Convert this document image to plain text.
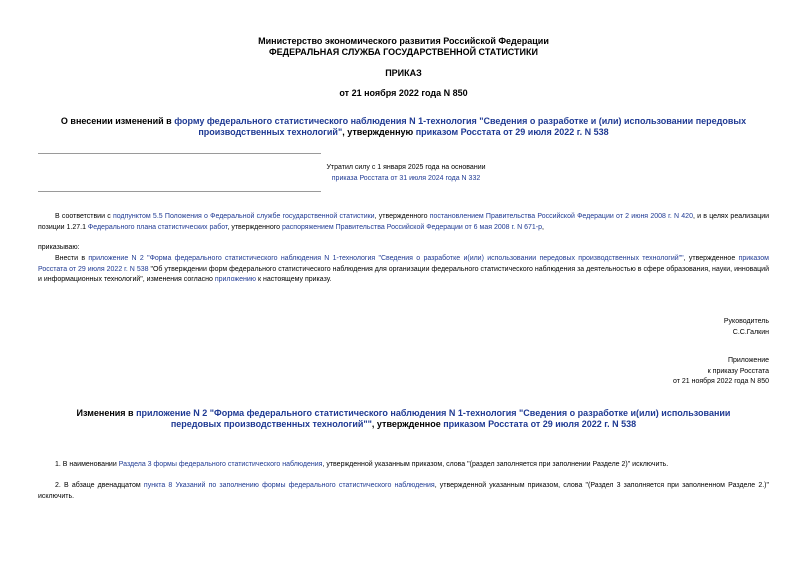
Министерство экономического развития Российской Федерации
ФЕДЕРАЛЬНАЯ СЛУЖБА ГОСУДАРСТВЕННОЙ СТАТИСТИКИ
ПРИКАЗ
от 21 ноября 2022 года N 850
О внесении изменений в форму федерального статистического наблюдения N 1-технология "Сведения о разработке и (или) использовании передовых производственных технологий", утвержденную приказом Росстата от 29 июля 2022 г. N 538
Утратил силу с 1 января 2025 года на основании
приказа Росстата от 31 июля 2024 года N 332
В соответствии с подпунктом 5.5 Положения о Федеральной службе государственной статистики, утвержденного постановлением Правительства Российской Федерации от 2 июня 2008 г. N 420, и в целях реализации позиции 1.27.1 Федерального плана статистических работ, утвержденного распоряжением Правительства Российской Федерации от 6 мая 2008 г. N 671-р,
приказываю:
Внести в приложение N 2 "Форма федерального статистического наблюдения N 1-технология "Сведения о разработке и(или) использовании передовых производственных технологий"", утвержденное приказом Росстата от 29 июля 2022 г. N 538 "Об утверждении форм федерального статистического наблюдения для организации федерального статистического наблюдения за деятельностью в сфере образования, науки, инноваций и информационных технологий", изменения согласно приложению к настоящему приказу.
Руководитель
С.С.Галкин
Приложение
к приказу Росстата
от 21 ноября 2022 года N 850
Изменения в приложение N 2 "Форма федерального статистического наблюдения N 1-технология "Сведения о разработке и(или) использовании передовых производственных технологий"", утвержденное приказом Росстата от 29 июля 2022 г. N 538
1. В наименовании Раздела 3 формы федерального статистического наблюдения, утвержденной указанным приказом, слова "(раздел заполняется при заполнении Разделе 2)" исключить.
2. В абзаце двенадцатом пункта 8 Указаний по заполнению формы федерального статистического наблюдения, утвержденной указанным приказом, слова "(Раздел 3 заполняется при заполненном Разделе 2.)" исключить.
